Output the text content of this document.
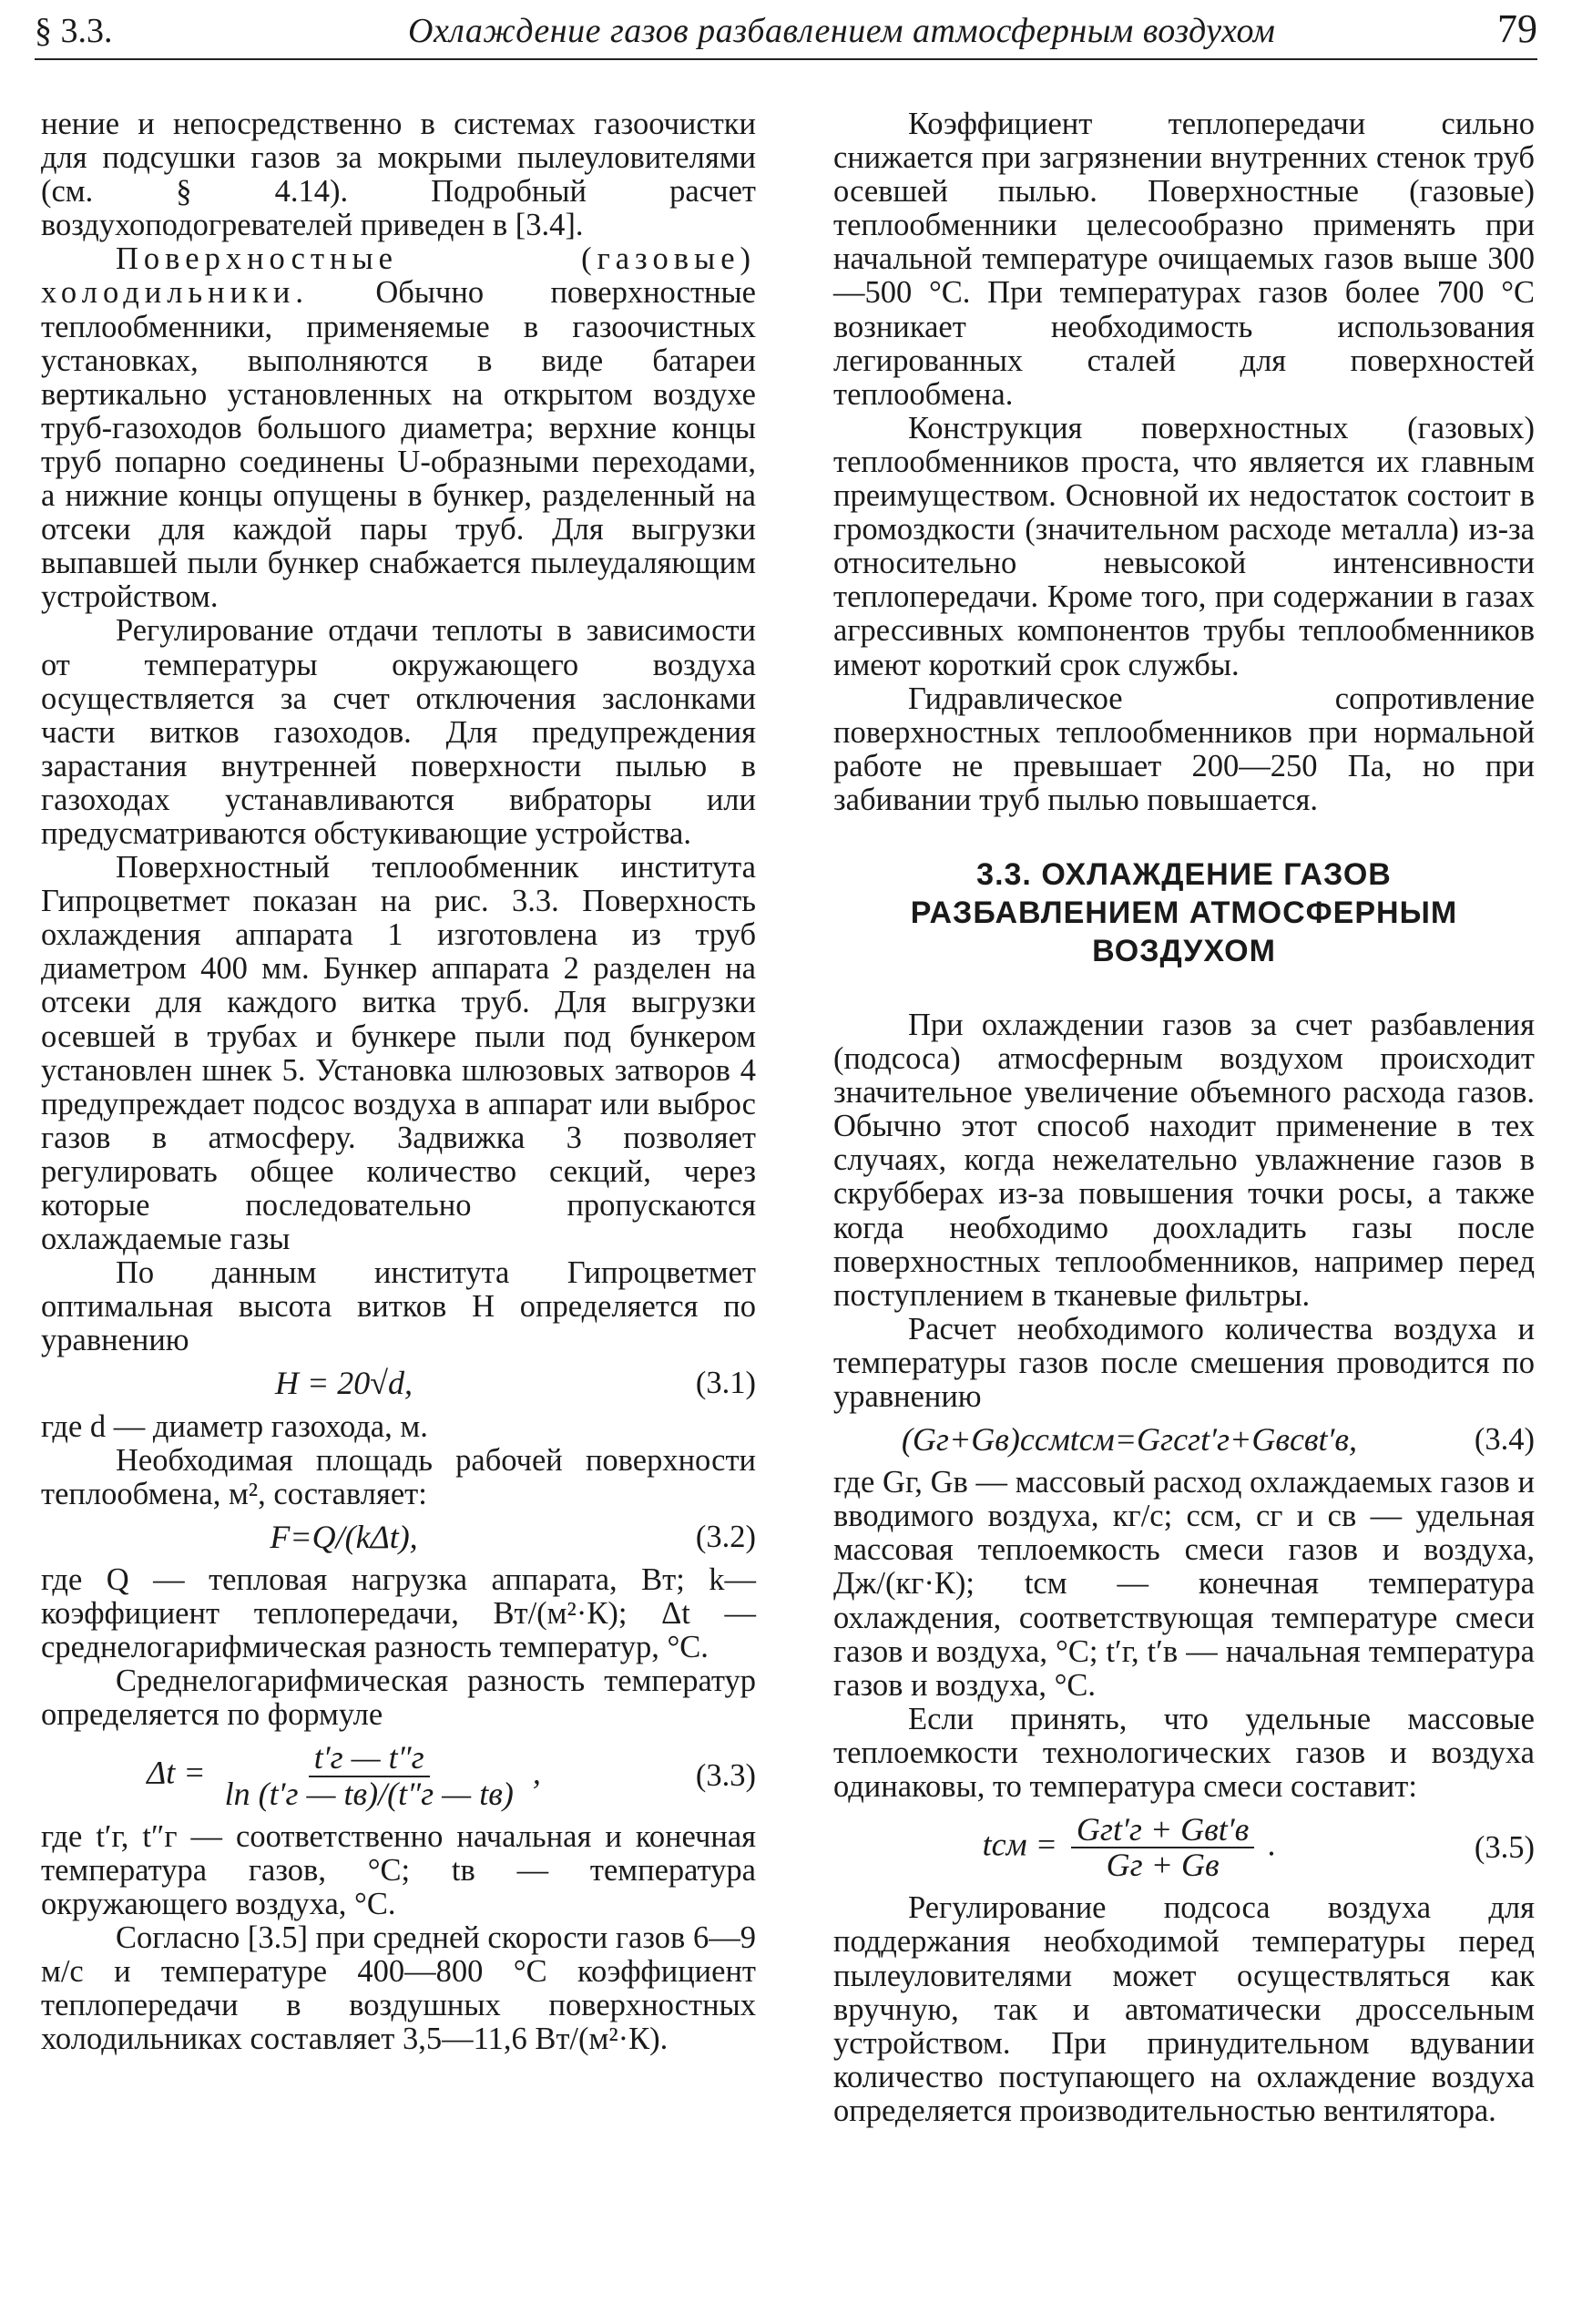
§ 3.3.	Охлаждение газов разбавлением атмосферным воздухом	79

нение и непосредственно в системах газоочистки для подсушки газов за мокрыми пылеуловителями (см. § 4.14). Подробный расчет воздухоподогревателей приведен в [3.4].

Поверхностные (газовые) холодильники. Обычно поверхностные теплообменники, применяемые в газоочистных установках, выполняются в виде батареи вертикально установленных на открытом воздухе труб-газоходов большого диаметра; верхние концы труб попарно соединены U-образными переходами, а нижние концы опущены в бункер, разделенный на отсеки для каждой пары труб. Для выгрузки выпавшей пыли бункер снабжается пылеудаляющим устройством.

Регулирование отдачи теплоты в зависимости от температуры окружающего воздуха осуществляется за счет отключения заслонками части витков газоходов. Для предупреждения зарастания внутренней поверхности пылью в газоходах устанавливаются вибраторы или предусматриваются обстукивающие устройства.

Поверхностный теплообменник института Гипроцветмет показан на рис. 3.3. Поверхность охлаждения аппарата 1 изготовлена из труб диаметром 400 мм. Бункер аппарата 2 разделен на отсеки для каждого витка труб. Для выгрузки осевшей в трубах и бункере пыли под бункером установлен шнек 5. Установка шлюзовых затворов 4 предупреждает подсос воздуха в аппарат или выброс газов в атмосферу. Задвижка 3 позволяет регулировать общее количество секций, через которые последовательно пропускаются охлаждаемые газы

По данным института Гипроцветмет оптимальная высота витков H определяется по уравнению

H = 20√d,	(3.1)

где d — диаметр газохода, м.

Необходимая площадь рабочей поверхности теплообмена, м², составляет:

F=Q/(kΔt),	(3.2)

где Q — тепловая нагрузка аппарата, Вт; k—коэффициент теплопередачи, Вт/(м²·К); Δt — среднелогарифмическая разность температур, °С.

Среднелогарифмическая разность температур определяется по формуле

$\Delta t = \frac{t'г — t''г}{\ln (t'г — tв)/(t''г — tв)}$ ,	(3.3)

где t′г, t″г — соответственно начальная и конечная температура газов, °С; tв — температура окружающего воздуха, °С.

Согласно [3.5] при средней скорости газов 6—9 м/с и температуре 400—800 °С коэффициент теплопередачи в воздушных поверхностных холодильниках составляет 3,5—11,6 Вт/(м²·К).

Коэффициент теплопередачи сильно снижается при загрязнении внутренних стенок труб осевшей пылью. Поверхностные (газовые) теплообменники целесообразно применять при начальной температуре очищаемых газов выше 300—500 °С. При температурах газов более 700 °С возникает необходимость использования легированных сталей для поверхностей теплообмена.

Конструкция поверхностных (газовых) теплообменников проста, что является их главным преимуществом. Основной их недостаток состоит в громоздкости (значительном расходе металла) из-за относительно невысокой интенсивности теплопередачи. Кроме того, при содержании в газах агрессивных компонентов трубы теплообменников имеют короткий срок службы.

Гидравлическое сопротивление поверхностных теплообменников при нормальной работе не превышает 200—250 Па, но при забивании труб пылью повышается.

3.3. ОХЛАЖДЕНИЕ ГАЗОВ
РАЗБАВЛЕНИЕМ АТМОСФЕРНЫМ
ВОЗДУХОМ

При охлаждении газов за счет разбавления (подсоса) атмосферным воздухом происходит значительное увеличение объемного расхода газов. Обычно этот способ находит применение в тех случаях, когда нежелательно увлажнение газов в скрубберах из-за повышения точки росы, а также когда необходимо доохладить газы после поверхностных теплообменников, например перед поступлением в тканевые фильтры.

Расчет необходимого количества воздуха и температуры газов после смешения проводится по уравнению

(Gг+Gв)cсмtсм=Gгcгt′г+Gвcвt′в,	(3.4)

где Gг, Gв — массовый расход охлаждаемых газов и вводимого воздуха, кг/с; cсм, cг и cв — удельная массовая теплоемкость смеси газов и воздуха, Дж/(кг·К); tсм — конечная температура охлаждения, соответствующая температуре смеси газов и воздуха, °С; t′г, t′в — начальная температура газов и воздуха, °С.

Если принять, что удельные массовые теплоемкости технологических газов и воздуха одинаковы, то температура смеси составит:

tсм = $\frac{\text{Gгt′г + Gвt′в}}{Gг + Gв}$ .	(3.5)

Регулирование подсоса воздуха для поддержания необходимой температуры перед пылеуловителями может осуществляться как вручную, так и автоматически дроссельным устройством. При принудительном вдувании количество поступающего на охлаждение воздуха определяется производительностью вентилятора.
